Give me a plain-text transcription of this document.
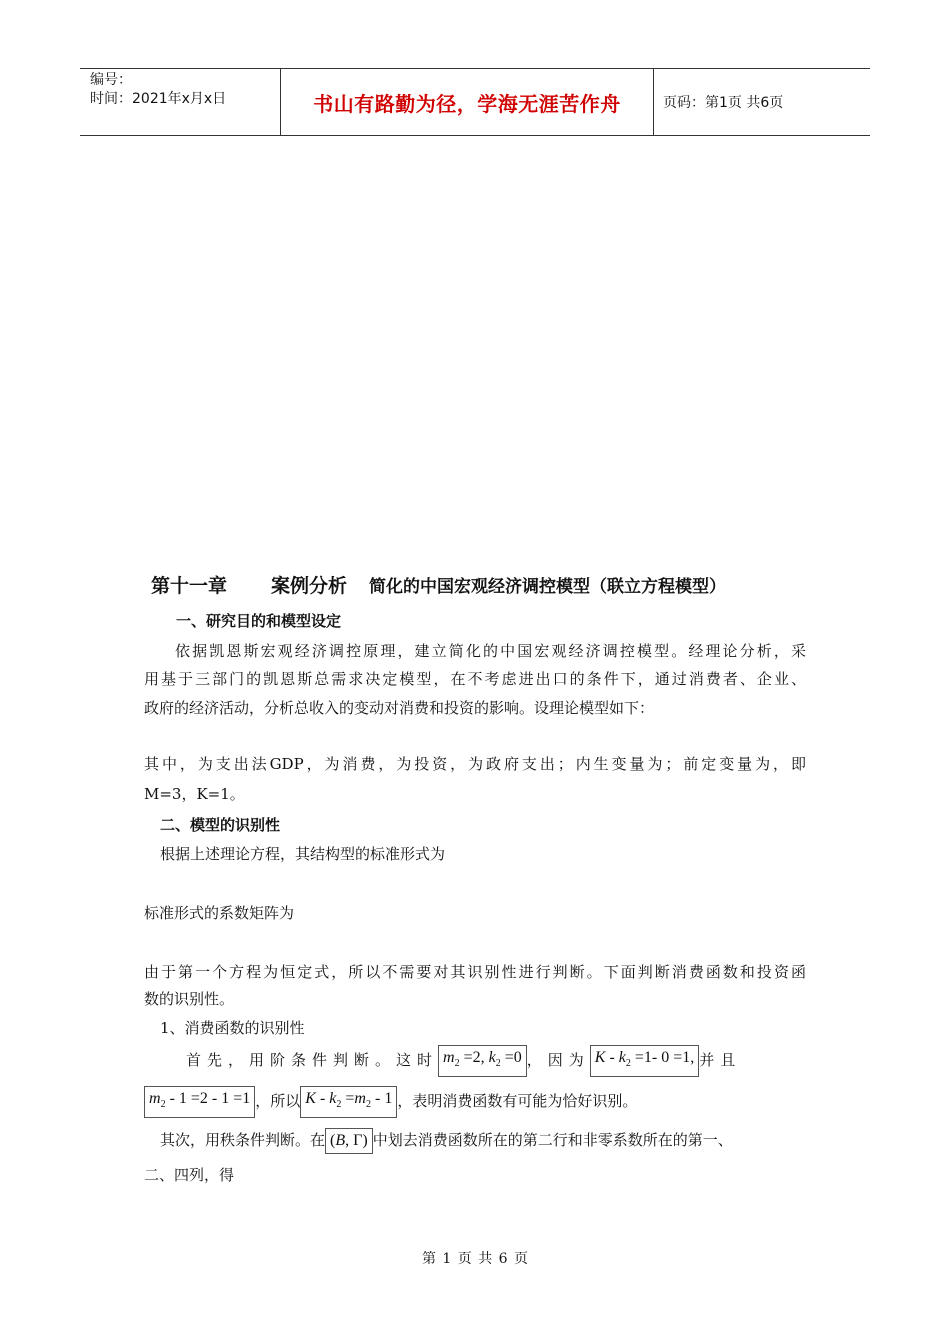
编号：
时间：2021年x月x日	书山有路勤为径，学海无涯苦作舟	页码：第1页 共6页
第十一章 案例分析 简化的中国宏观经济调控模型（联立方程模型）
一、研究目的和模型设定
依据凯恩斯宏观经济调控原理，建立简化的中国宏观经济调控模型。经理论分析，采
用基于三部门的凯恩斯总需求决定模型，在不考虑进出口的条件下，通过消费者、企业、
政府的经济活动，分析总收入的变动对消费和投资的影响。设理论模型如下：
其中，为支出法GDP，为消费，为投资，为政府支出；内生变量为；前定变量为，即
M=3，K=1。
二、模型的识别性
根据上述理论方程，其结构型的标准形式为
标准形式的系数矩阵为
由于第一个方程为恒定式，所以不需要对其识别性进行判断。下面判断消费函数和投资函
数的识别性。
1、消费函数的识别性
首先，用阶条件判断。这时 $m_2 =2$, $k_2 =0$ ，因为 $K - k_2 =1-$ 0 =1, 并且
$m_2 - 1 =2 - 1 =1$ ，所以 $K - k_2 =m_2 - 1$ ，表明消费函数有可能为恰好识别。
其次，用秩条件判断。在 (B, Γ) 中划去消费函数所在的第二行和非零系数所在的第一、
二、四列，得
第 1 页 共 6 页
